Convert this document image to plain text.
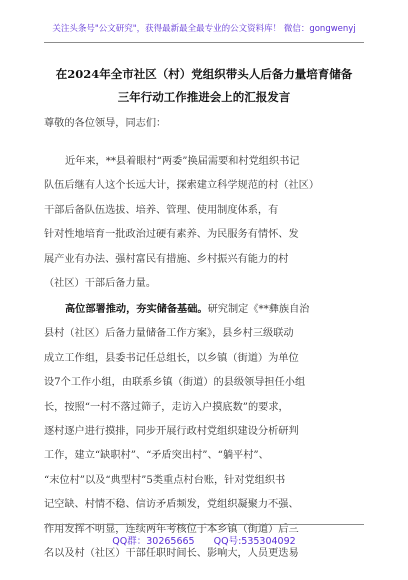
关注头条号"公文研究"，获得最新最全最专业的公文资料库！ 微信：gongwenyj
在2024年全市社区（村）党组织带头人后备力量培育储备
三年行动工作推进会上的汇报发言
尊敬的各位领导，同志们：
近年来，**县着眼村“两委”换届需要和村党组织书记
队伍后继有人这个长远大计，探索建立科学规范的村（社区）
干部后备队伍选拔、培养、管理、使用制度体系，有
针对性地培育一批政治过硬有素养、为民服务有情怀、发
展产业有办法、强村富民有措施、乡村振兴有能力的村
（社区）干部后备力量。
高位部署推动，夯实储备基础。研究制定《**彝族自治
县村（社区）后备力量储备工作方案》，县乡村三级联动
成立工作组，县委书记任总组长，以乡镇（街道）为单位
设7个工作小组，由联系乡镇（街道）的县级领导担任小组
长，按照“一村不落过筛子，走访入户摸底数”的要求，
逐村逐户进行摸排，同步开展行政村党组织建设分析研判
工作，建立“缺职村”、“矛盾突出村”、“躺平村”、
“末位村”以及“典型村”5类重点村台账，针对党组织书
记空缺、村情不稳、信访矛盾频发，党组织凝聚力不强、
作用发挥不明显，连续两年考核位于本乡镇（街道）后三
名以及村（社区）干部任职时间长、影响大，人员更迭易
QQ群：30265665 QQ号:535304092
